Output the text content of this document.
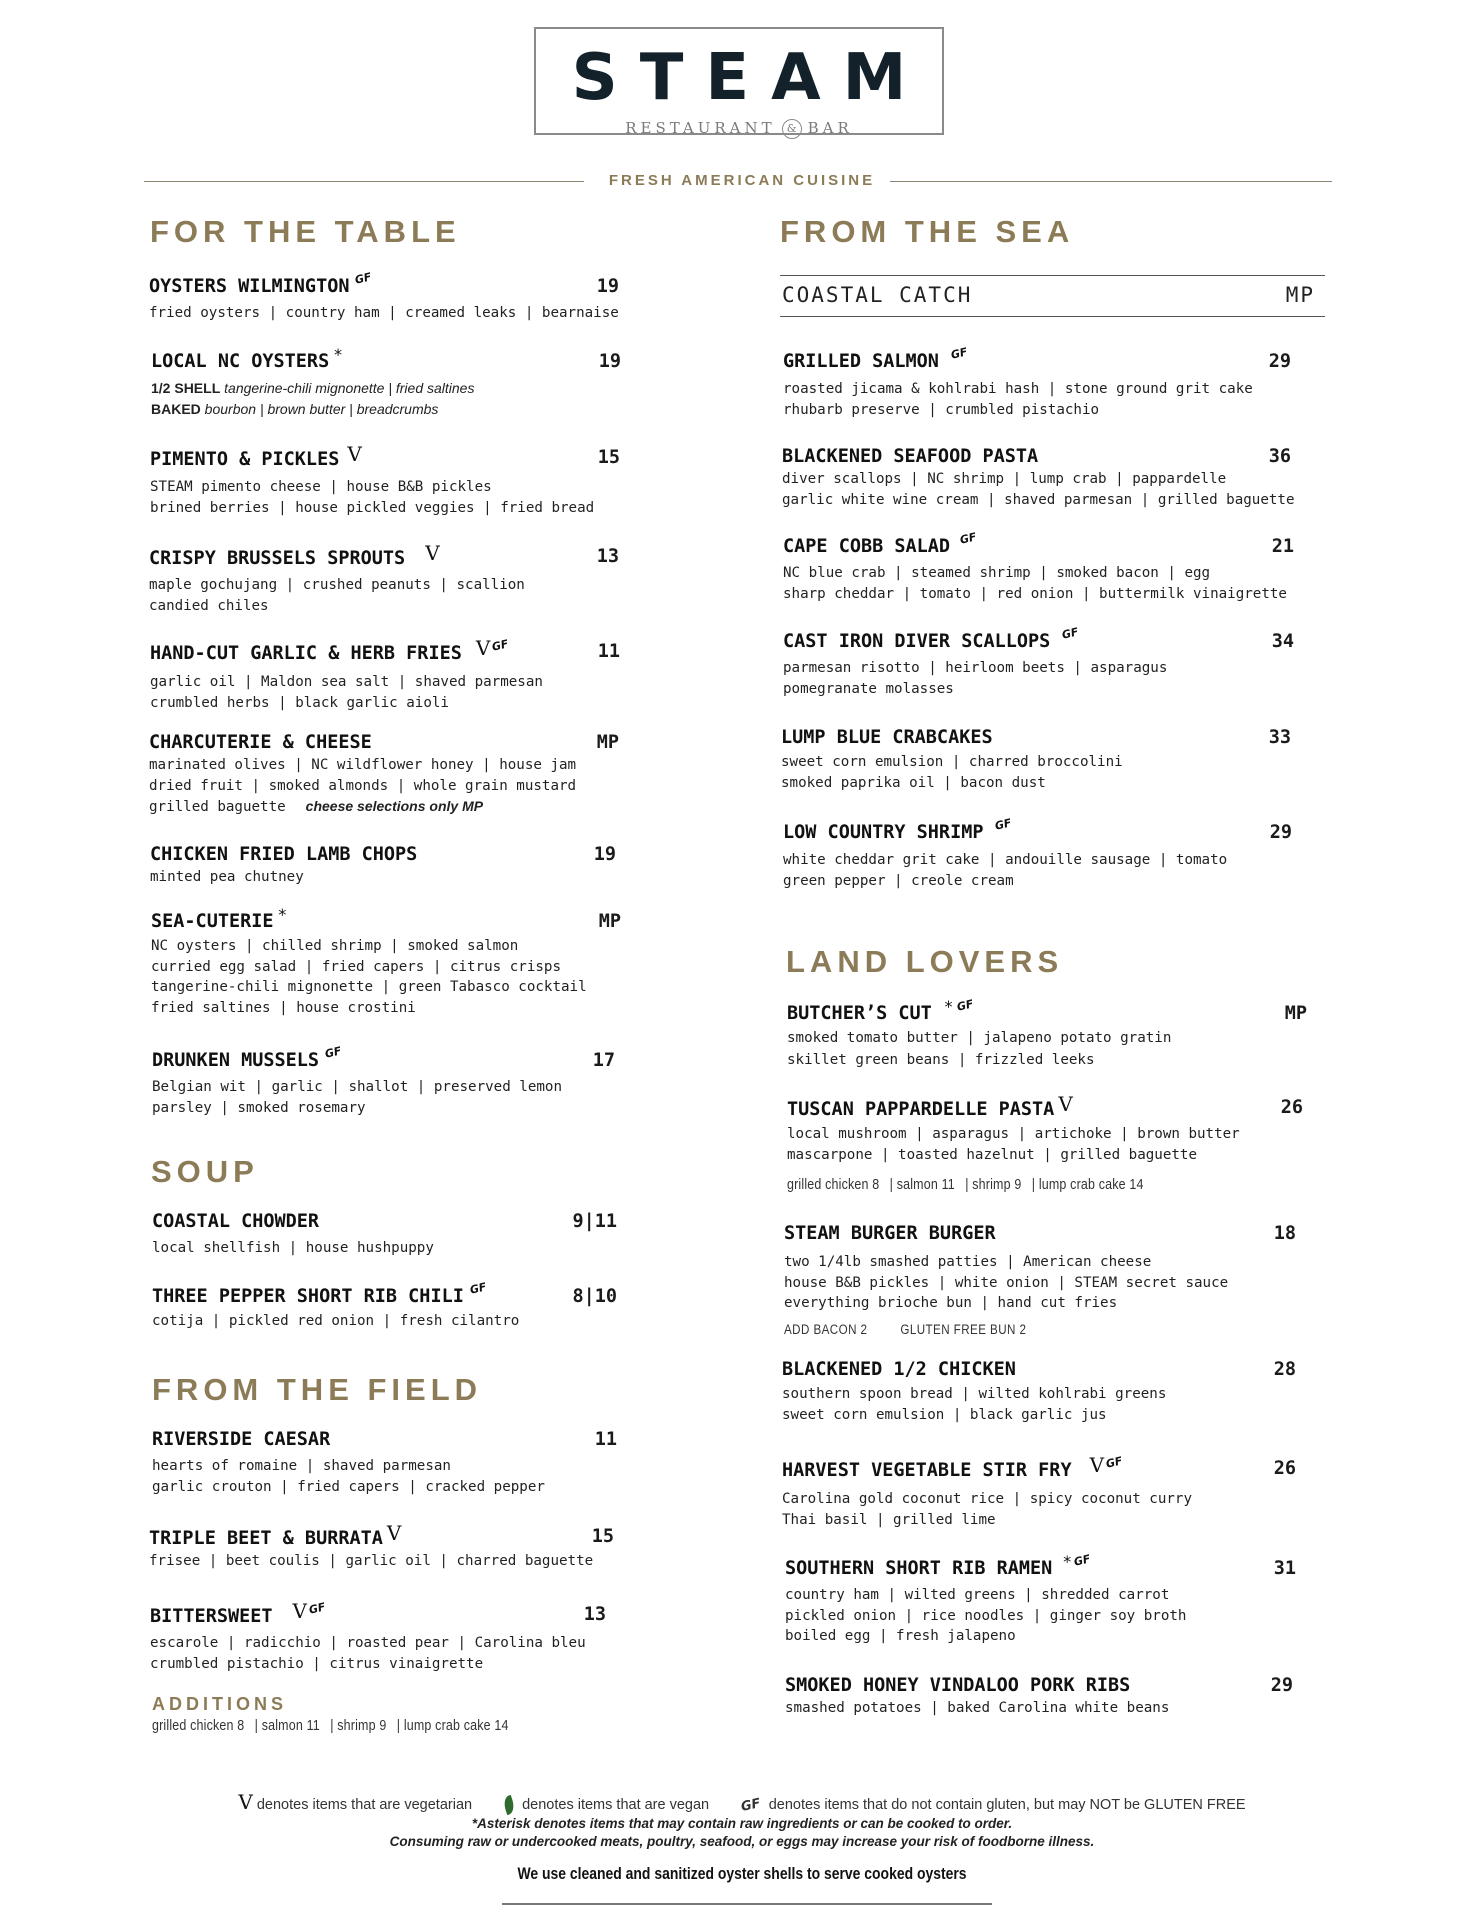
STEAM
RESTAURANT & BAR
FRESH AMERICAN CUISINE
FOR THE TABLE
OYSTERS WILMINGTON GF	19
fried oysters | country ham | creamed leaks | bearnaise
LOCAL NC OYSTERS *	19
1/2 SHELL tangerine-chili mignonette | fried saltines
BAKED bourbon | brown butter | breadcrumbs
PIMENTO & PICKLES V	15
STEAM pimento cheese | house B&B pickles
brined berries | house pickled veggies | fried bread
CRISPY BRUSSELS SPROUTS V	13
maple gochujang | crushed peanuts | scallion
candied chiles
HAND-CUT GARLIC & HERB FRIES VGF	11
garlic oil | Maldon sea salt | shaved parmesan
crumbled herbs | black garlic aioli
CHARCUTERIE & CHEESE	MP
marinated olives | NC wildflower honey | house jam
dried fruit | smoked almonds | whole grain mustard
grilled baguette cheese selections only MP
CHICKEN FRIED LAMB CHOPS	19
minted pea chutney
SEA-CUTERIE *	MP
NC oysters | chilled shrimp | smoked salmon
curried egg salad | fried capers | citrus crisps
tangerine-chili mignonette | green Tabasco cocktail
fried saltines | house crostini
DRUNKEN MUSSELS GF	17
Belgian wit | garlic | shallot | preserved lemon
parsley | smoked rosemary
SOUP
COASTAL CHOWDER	9|11
local shellfish | house hushpuppy
THREE PEPPER SHORT RIB CHILI GF	8|10
cotija | pickled red onion | fresh cilantro
FROM THE FIELD
RIVERSIDE CAESAR	11
hearts of romaine | shaved parmesan
garlic crouton | fried capers | cracked pepper
TRIPLE BEET & BURRATA V	15
frisee | beet coulis | garlic oil | charred baguette
BITTERSWEET VGF	13
escarole | radicchio | roasted pear | Carolina bleu
crumbled pistachio | citrus vinaigrette
ADDITIONS
grilled chicken 8 | salmon 11 | shrimp 9 | lump crab cake 14
FROM THE SEA
COASTAL CATCH	MP
GRILLED SALMON GF	29
roasted jicama & kohlrabi hash | stone ground grit cake
rhubarb preserve | crumbled pistachio
BLACKENED SEAFOOD PASTA	36
diver scallops | NC shrimp | lump crab | pappardelle
garlic white wine cream | shaved parmesan | grilled baguette
CAPE COBB SALAD GF	21
NC blue crab | steamed shrimp | smoked bacon | egg
sharp cheddar | tomato | red onion | buttermilk vinaigrette
CAST IRON DIVER SCALLOPS GF	34
parmesan risotto | heirloom beets | asparagus
pomegranate molasses
LUMP BLUE CRABCAKES	33
sweet corn emulsion | charred broccolini
smoked paprika oil | bacon dust
LOW COUNTRY SHRIMP GF	29
white cheddar grit cake | andouille sausage | tomato
green pepper | creole cream
LAND LOVERS
BUTCHER’S CUT * GF	MP
smoked tomato butter | jalapeno potato gratin
skillet green beans | frizzled leeks
TUSCAN PAPPARDELLE PASTA V	26
local mushroom | asparagus | artichoke | brown butter
mascarpone | toasted hazelnut | grilled baguette
grilled chicken 8 | salmon 11 | shrimp 9 | lump crab cake 14
STEAM BURGER BURGER	18
two 1/4lb smashed patties | American cheese
house B&B pickles | white onion | STEAM secret sauce
everything brioche bun | hand cut fries
ADD BACON 2 GLUTEN FREE BUN 2
BLACKENED 1/2 CHICKEN	28
southern spoon bread | wilted kohlrabi greens
sweet corn emulsion | black garlic jus
HARVEST VEGETABLE STIR FRY VGF	26
Carolina gold coconut rice | spicy coconut curry
Thai basil | grilled lime
SOUTHERN SHORT RIB RAMEN *GF	31
country ham | wilted greens | shredded carrot
pickled onion | rice noodles | ginger soy broth
boiled egg | fresh jalapeno
SMOKED HONEY VINDALOO PORK RIBS	29
smashed potatoes | baked Carolina white beans
V denotes items that are vegetarian	denotes items that are vegan GF denotes items that do not contain gluten, but may NOT be GLUTEN FREE
*Asterisk denotes items that may contain raw ingredients or can be cooked to order.
Consuming raw or undercooked meats, poultry, seafood, or eggs may increase your risk of foodborne illness.
We use cleaned and sanitized oyster shells to serve cooked oysters
